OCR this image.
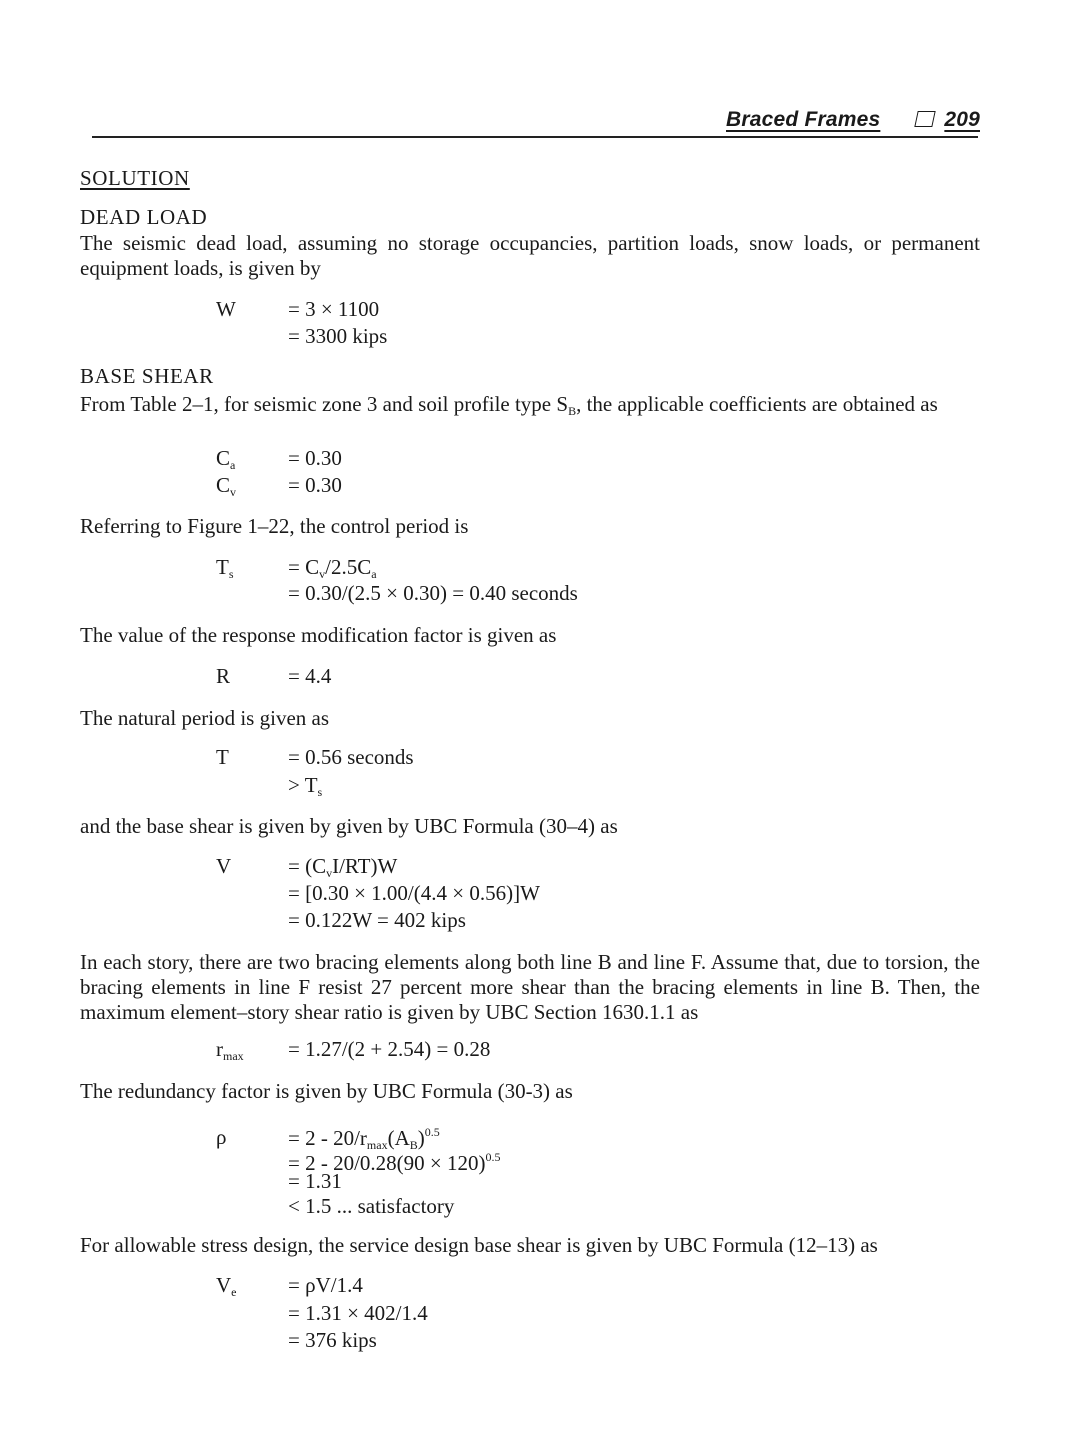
Braced Frames	209
SOLUTION
DEAD LOAD
The seismic dead load, assuming no storage occupancies, partition loads, snow loads, or permanent equipment loads, is given by
W = 3 × 1100
= 3300 kips
BASE SHEAR
From Table 2–1, for seismic zone 3 and soil profile type $S_B$, the applicable coefficients are obtained as
$C_a$	= 0.30
$C_v = 0.30$
Referring to Figure 1–22, the control period is
$T_s$	= $C_v/2.5C_a$
= 0.30/(2.5 × 0.30) = 0.40 seconds
The value of the response modification factor is given as
R	= 4.4
The natural period is given as
T	= 0.56 seconds
> $T_s$
and the base shear is given by given by UBC Formula (30–4) as
V	= $(C_vI/RT)W$
= [0.30 × 1.00/(4.4 × 0.56)]W
= 0.122W = 402 kips
In each story, there are two bracing elements along both line B and line F. Assume that, due to torsion, the bracing elements in line F resist 27 percent more shear than the bracing elements in line B. Then, the maximum element–story shear ratio is given by UBC Section 1630.1.1 as
$r_{max} = 1.27/(2 + 2.54) = 0.28$
The redundancy factor is given by UBC Formula (30-3) as
ρ	= $2 - 20/r_{max}(A_B)^{0.5}$
= $2 - 20/0.28(90 \times 120)^{0.5}$
= 1.31
< 1.5 ... satisfactory
For allowable stress design, the service design base shear is given by UBC Formula (12–13) as
$V_e = \rho V/1.4$
= 1.31 × 402/1.4
= 376 kips
